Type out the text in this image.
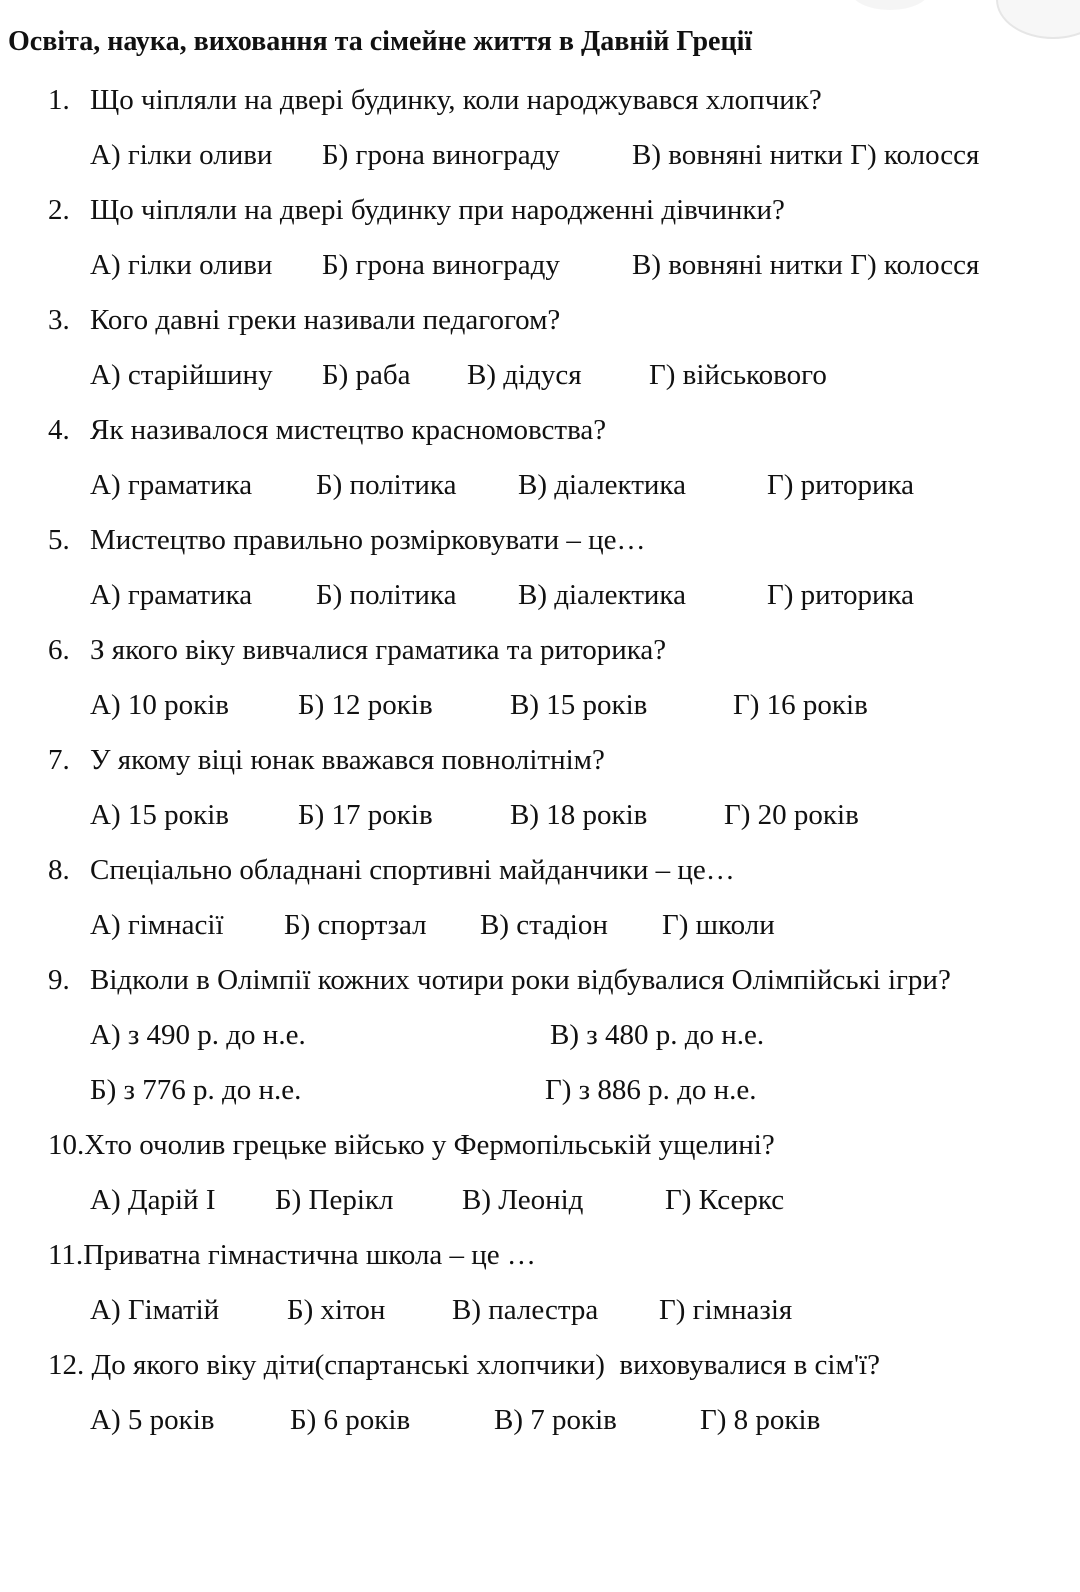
Освіта, наука, виховання та сімейне життя в Давній Греції
1. Що чіпляли на двері будинку, коли народжувався хлопчик?
А) гілки оливи Б) грона винограду В) вовняні нитки Г) колосся
2. Що чіпляли на двері будинку при народженні дівчинки?
А) гілки оливи Б) грона винограду В) вовняні нитки Г) колосся
3. Кого давні греки називали педагогом?
А) старійшину Б) раба В) дідуся Г) військового
4. Як називалося мистецтво красномовства?
А) граматика Б) політика В) діалектика	Г) риторика
5. Мистецтво правильно розмірковувати – це…
А) граматика Б) політика В) діалектика	Г) риторика
6. З якого віку вивчалися граматика та риторика?
А) 10 років Б) 12 років	В) 15 років	Г) 16 років
7. У якому віці юнак вважався повнолітнім?
А) 15 років Б) 17 років	В) 18 років	Г) 20 років
8. Спеціально обладнані спортивні майданчики – це…
А) гімнасії Б) спортзал В) стадіон Г) школи
9. Відколи в Олімпії кожних чотири роки відбувалися Олімпійські ігри?
А) з 490 р. до н.е.	В) з 480 р. до н.е.
Б) з 776 р. до н.е.	Г) з 886 р. до н.е.
10.Хто очолив грецьке військо у Фермопільській ущелині?
А) Дарій І Б) Перікл В) Леонід	Г) Ксеркс
11.Приватна гімнастична школа – це …
А) Гіматій Б) хітон В) палестра Г) гімназія
12. До якого віку діти(спартанські хлопчики)  виховувалися в сім'ї?
А) 5 років	Б) 6 років	В) 7 років	Г) 8 років
